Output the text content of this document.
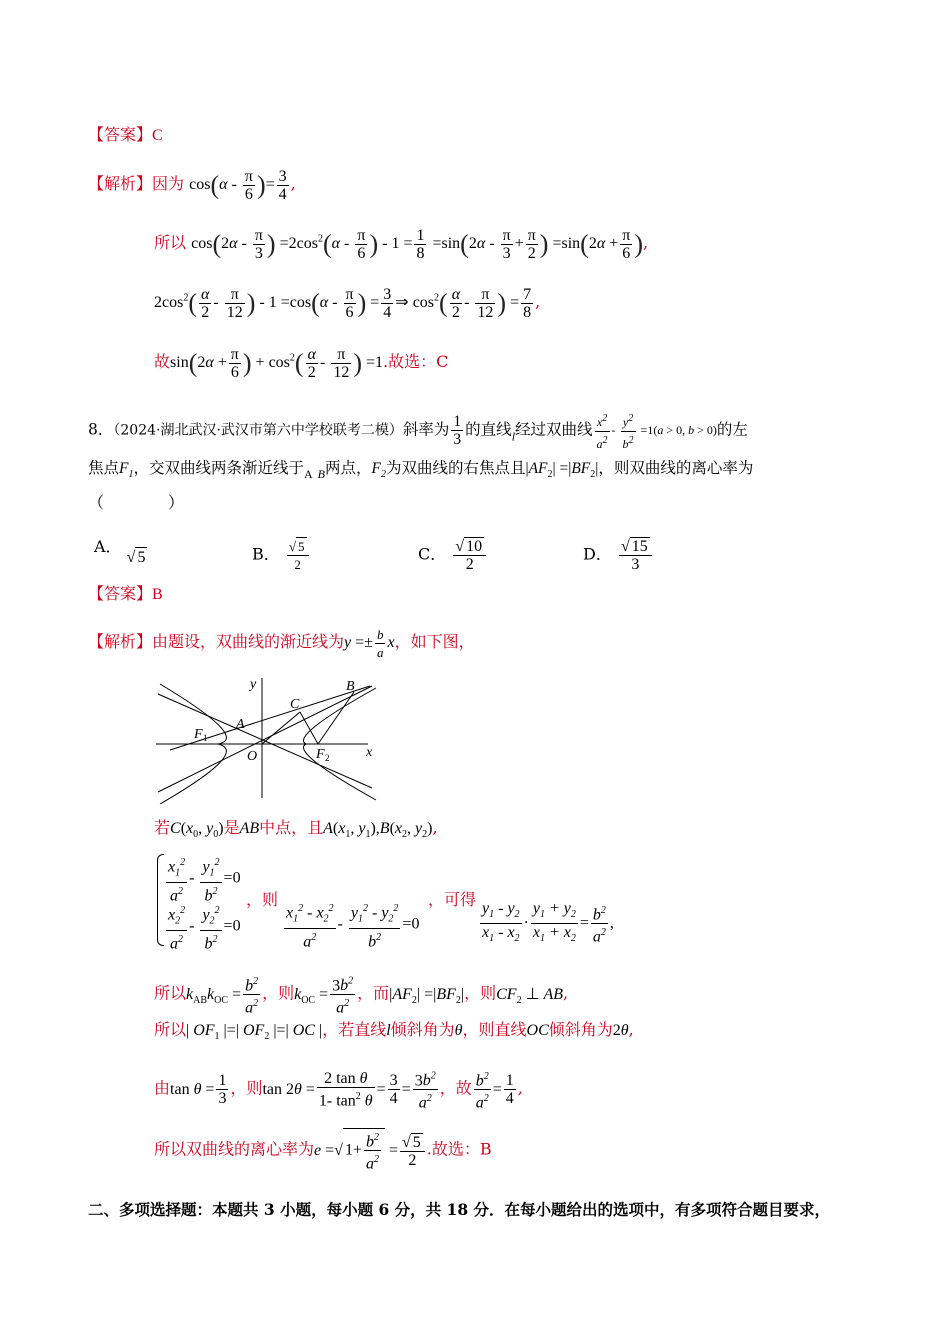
【答案】C
【解析】因为 $\cos(\alpha - \frac{\pi}{6}$ )= $\frac{3}{4}$ ,
所以 $\cos(2\alpha - \frac{\pi}{3}$ ) $=2\cos^2(\alpha - \frac{\pi}{6}$ ) - $1 = \frac{1}{8} =\sin(2\alpha - \frac{\pi}{3} + \frac{\pi}{2}$ ) $=\sin(2\alpha + \frac{\pi}{6}$ ),
$2\cos^2( \frac{\alpha}{2} - \frac{\pi}{12}$ ) - $1 =\cos(\alpha - \frac{\pi}{6}$ ) = $\frac{3}{4}$ ⇒ $\cos^2( \frac{\alpha}{2} - \frac{\pi}{12}$ ) = $\frac{7}{8}$ ,
故$\sin(2\alpha + \frac{\pi}{6}$ ) + $\cos^2( \frac{\alpha}{2} - \frac{\pi}{12}$ ) =1.故选：C
8．（2024·湖北武汉·武汉市第六中学校联考二模）斜率为 $\frac{1}{3}$ 的直线$_l$经过双曲线 $\frac{x^2}{a^2} - \frac{y^2}{b^2} =1(a > 0$, b > 0)的左
焦点$F_1$，交双曲线两条渐近线于$_A$ $_B$两点，$F_2$为双曲线的右焦点且$|AF_2| =|BF_2|$，则双曲线的离心率为
（　　　　）
A． √ 5	B． $\frac{√ 5}{2}$	C． $\frac{√ 10}{2}$	D． $\frac{√ 15}{3}$
【答案】B
【解析】由题设，双曲线的渐近线为$y =\pm \frac{b}{a}$ x，如下图，
y
x
O
A
B
C
F
F
1
2
若$C(x_0$, $y_0$)是AB中点，且$A(x_1$, $y_1),B(x_2$, $y_2$),
$\frac{x_1^2}{a^2} - \frac{y_1^2}{b^2} =0$
$\frac{x_2^2}{a^2} - \frac{y_2^2}{b^2} =0$
，则
$\frac{x_1^2 - x_2^2}{a^2} - \frac{y_1^2 - y_2^2}{b^2} =0$
，可得
$\frac{y_1 - y_2}{x_1 - x_2} \cdot \frac{y_1 + y_2}{x_1 + x_2} = \frac{b^2}{a^2}$ ,
所以$k_{AB}k_{OC} = \frac{b^2}{a^2}$ ，则$k_{OC} = \frac{3b^2}{a^2}$ ，而$|AF_2| =|BF_2|$，则$CF_2$ ⊥ AB,
所以| $OF_1$ |=| $OF_2$ |=| OC |，若直线l倾斜角为θ，则直线OC倾斜角为2θ,
由$\tan \theta = \frac{1}{3}$ ，则$\tan 2\theta = \frac{\text{2 tan θ}}{1- \tan^2 \theta} = \frac{3}{4} = \frac{3b^2}{a^2}$ ，故 $\frac{b^2}{a^2} = \frac{1}{4}$ ,
所以双曲线的离心率为e =√ $1+ \frac{b^2}{a^2} = \frac{√ 5}{2}$ .故选：B
二、多项选择题：本题共 3 小题，每小题 6 分，共 18 分．在每小题给出的选项中，有多项符合题目要求，
